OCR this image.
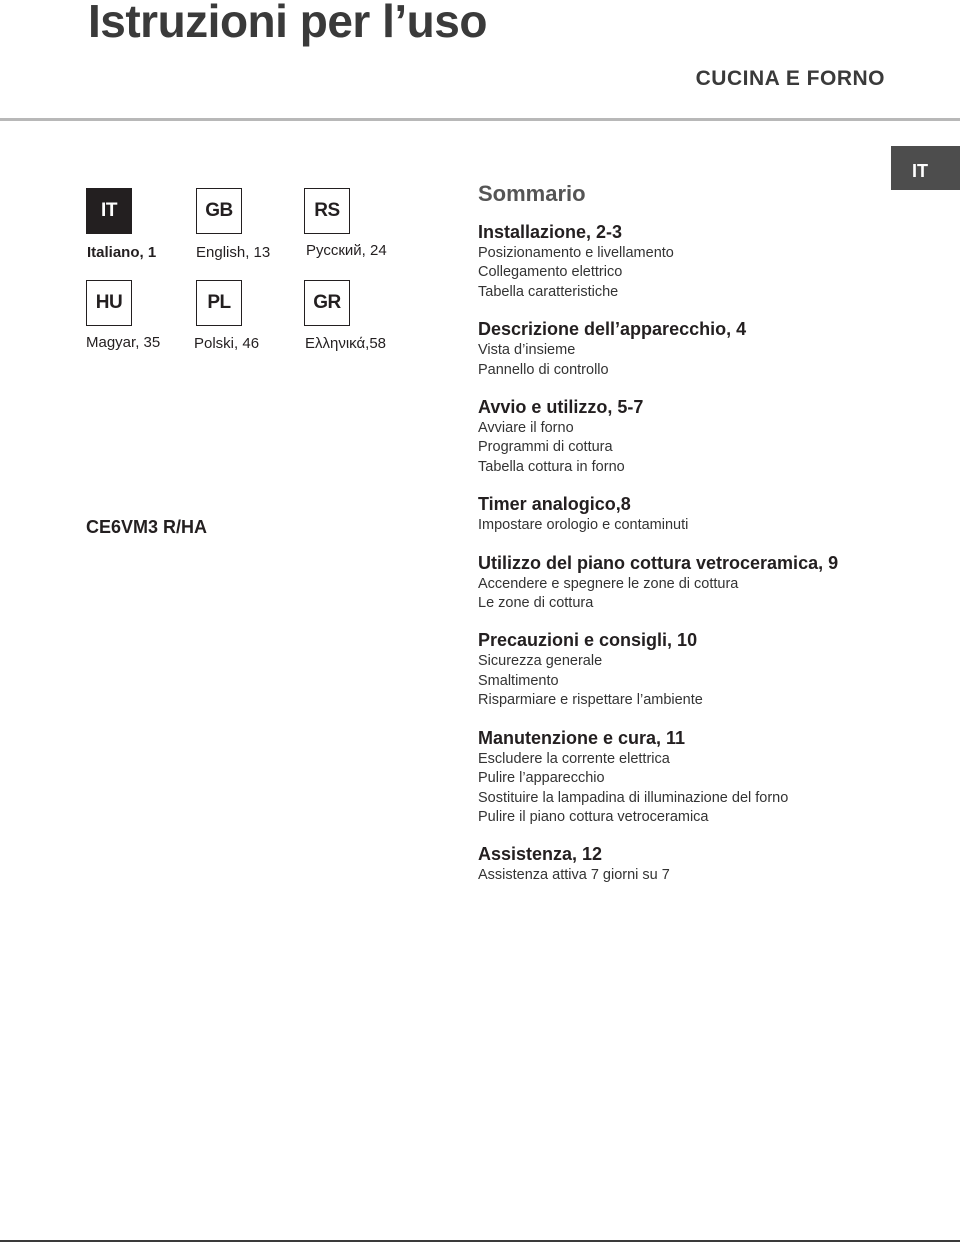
Istruzioni per l’uso
CUCINA E FORNO
IT
IT
Italiano, 1
GB
English, 13
RS
Русский, 24
HU
Magyar, 35
PL
Polski, 46
GR
Ελληνικά,58
CE6VM3 R/HA
Sommario
Installazione, 2-3
Posizionamento e livellamento
Collegamento elettrico
Tabella caratteristiche
Descrizione dell’apparecchio, 4
Vista d’insieme
Pannello di controllo
Avvio e utilizzo, 5-7
Avviare il forno
Programmi di cottura
Tabella cottura in forno
Timer analogico,8
Impostare orologio e contaminuti
Utilizzo del piano cottura vetroceramica, 9
Accendere e spegnere le zone di cottura
Le zone di cottura
Precauzioni e consigli, 10
Sicurezza generale
Smaltimento
Risparmiare e rispettare l’ambiente
Manutenzione e cura, 11
Escludere la corrente elettrica
Pulire l’apparecchio
Sostituire la lampadina di illuminazione del forno
Pulire il piano cottura vetroceramica
Assistenza, 12
Assistenza attiva 7 giorni su 7
